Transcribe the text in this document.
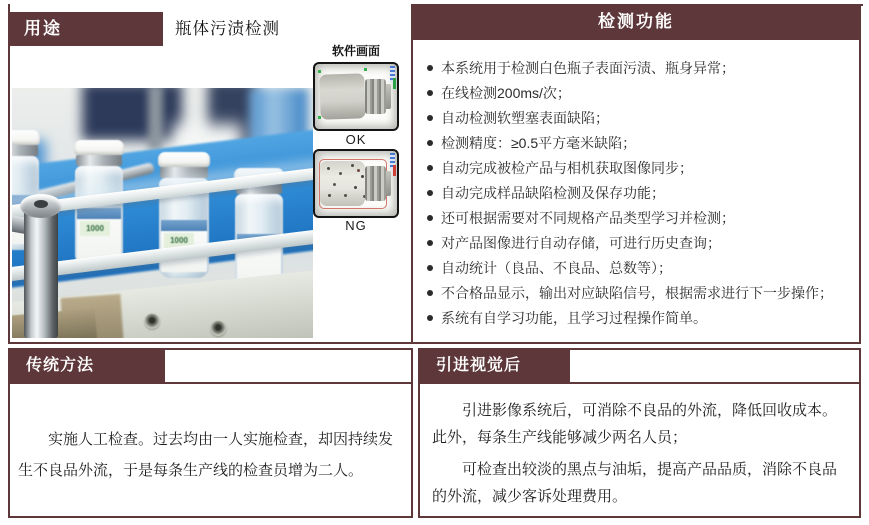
用途	瓶体污渍检测
1000
1000
软件画面
OK
NG
检测功能
本系统用于检测白色瓶子表面污渍、瓶身异常；
在线检测200ms/次；
自动检测软塑塞表面缺陷；
检测精度：≥0.5平方毫米缺陷；
自动完成被检产品与相机获取图像同步；
自动完成样品缺陷检测及保存功能；
还可根据需要对不同规格产品类型学习并检测；
对产品图像进行自动存储，可进行历史查询；
自动统计（良品、不良品、总数等）；
不合格品显示，输出对应缺陷信号，根据需求进行下一步操作；
系统有自学习功能，且学习过程操作简单。
传统方法
实施人工检查。过去均由一人实施检查，却因持续发生不良品外流，于是每条生产线的检查员增为二人。
引进视觉后

引进影像系统后，可消除不良品的外流，降低回收成本。此外，每条生产线能够减少两名人员；

可检查出较淡的黑点与油垢，提高产品品质，消除不良品的外流，减少客诉处理费用。
